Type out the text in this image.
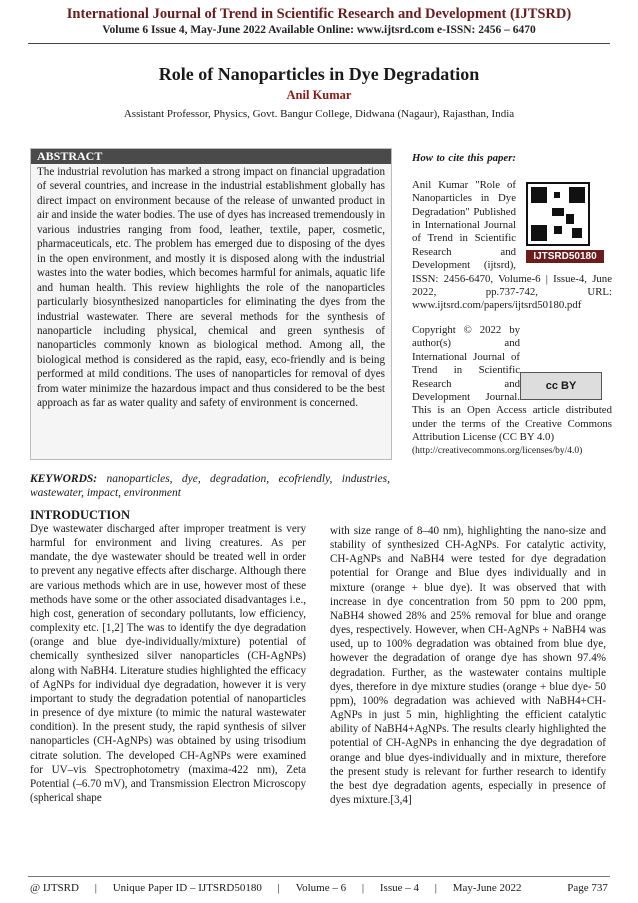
International Journal of Trend in Scientific Research and Development (IJTSRD)
Volume 6 Issue 4, May-June 2022 Available Online: www.ijtsrd.com e-ISSN: 2456 – 6470
Role of Nanoparticles in Dye Degradation
Anil Kumar
Assistant Professor, Physics, Govt. Bangur College, Didwana (Nagaur), Rajasthan, India
ABSTRACT
The industrial revolution has marked a strong impact on financial upgradation of several countries, and increase in the industrial establishment globally has direct impact on environment because of the release of unwanted product in air and inside the water bodies. The use of dyes has increased tremendously in various industries ranging from food, leather, textile, paper, cosmetic, pharmaceuticals, etc. The problem has emerged due to disposing of the dyes in the open environment, and mostly it is disposed along with the industrial wastes into the water bodies, which becomes harmful for animals, aquatic life and human health. This review highlights the role of the nanoparticles particularly biosynthesized nanoparticles for eliminating the dyes from the industrial wastewater. There are several methods for the synthesis of nanoparticle including physical, chemical and green synthesis of nanoparticles commonly known as biological method. Among all, the biological method is considered as the rapid, easy, eco-friendly and is being performed at mild conditions. The uses of nanoparticles for removal of dyes from water minimize the hazardous impact and thus considered to be the best approach as far as water quality and safety of environment is concerned.
How to cite this paper:
Anil Kumar "Role of Nanoparticles in Dye Degradation" Published in International Journal of Trend in Scientific Research and Development (ijtsrd), ISSN: 2456-6470, Volume-6 | Issue-4, June 2022, pp.737-742, URL: www.ijtsrd.com/papers/ijtsrd50180.pdf
IJTSRD50180
Copyright © 2022 by author(s) and International Journal of Trend in Scientific Research and Development Journal. This is an Open Access article distributed under the terms of the Creative Commons Attribution License (CC BY 4.0)
(http://creativecommons.org/licenses/by/4.0)
cc BY
KEYWORDS: nanoparticles, dye, degradation, ecofriendly, industries, wastewater, impact, environment
INTRODUCTION
Dye wastewater discharged after improper treatment is very harmful for environment and living creatures. As per mandate, the dye wastewater should be treated well in order to prevent any negative effects after discharge. Although there are various methods which are in use, however most of these methods have some or the other associated disadvantages i.e., high cost, generation of secondary pollutants, low efficiency, complexity etc. [1,2] The was to identify the dye degradation (orange and blue dye-individually/mixture) potential of chemically synthesized silver nanoparticles (CH-AgNPs) along with NaBH4. Literature studies highlighted the efficacy of AgNPs for individual dye degradation, however it is very important to study the degradation potential of nanoparticles in presence of dye mixture (to mimic the natural wastewater condition). In the present study, the rapid synthesis of silver nanoparticles (CH-AgNPs) was obtained by using trisodium citrate solution. The developed CH-AgNPs were examined for UV–vis Spectrophotometry (maxima-422 nm), Zeta Potential (–6.70 mV), and Transmission Electron Microscopy (spherical shape
with size range of 8–40 nm), highlighting the nano-size and stability of synthesized CH-AgNPs. For catalytic activity, CH-AgNPs and NaBH4 were tested for dye degradation potential for Orange and Blue dyes individually and in mixture (orange + blue dye). It was observed that with increase in dye concentration from 50 ppm to 200 ppm, NaBH4 showed 28% and 25% removal for blue and orange dyes, respectively. However, when CH-AgNPs + NaBH4 was used, up to 100% degradation was obtained from blue dye, however the degradation of orange dye has shown 97.4% degradation. Further, as the wastewater contains multiple dyes, therefore in dye mixture studies (orange + blue dye- 50 ppm), 100% degradation was achieved with NaBH4+CH-AgNPs in just 5 min, highlighting the efficient catalytic ability of NaBH4+AgNPs. The results clearly highlighted the potential of CH-AgNPs in enhancing the dye degradation of orange and blue dyes-individually and in mixture, therefore the present study is relevant for further research to identify the best dye degradation agents, especially in presence of dyes mixture.[3,4]
@ IJTSRD | Unique Paper ID – IJTSRD50180 | Volume – 6 | Issue – 4 | May-June 2022	Page 737
